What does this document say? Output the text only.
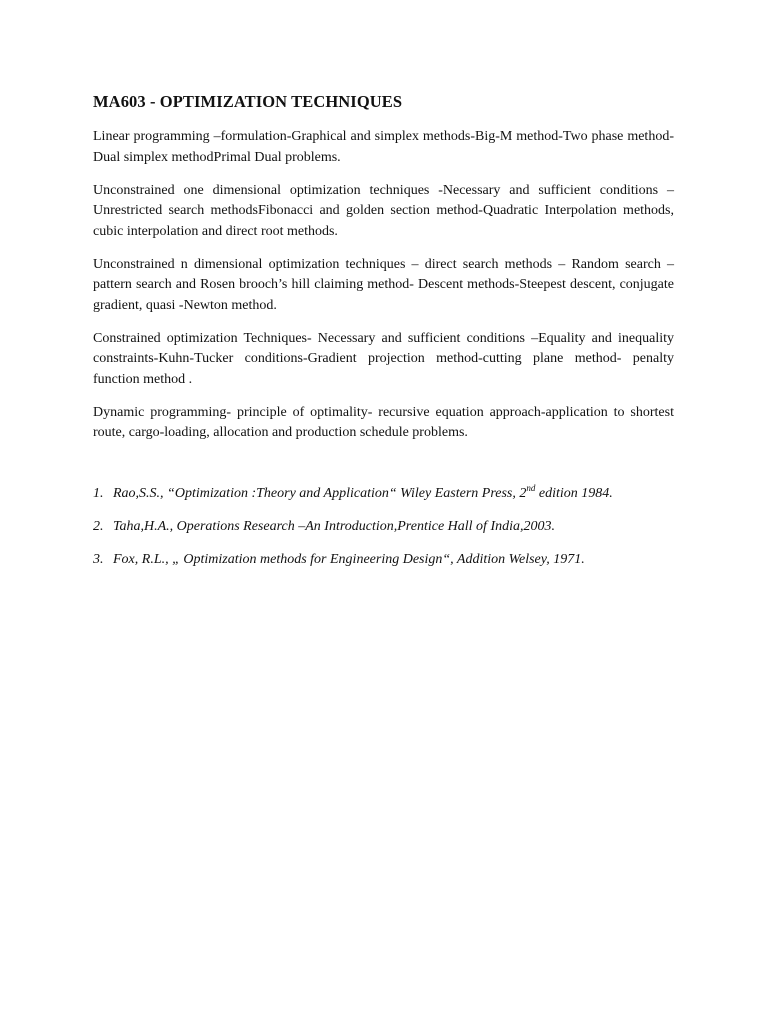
MA603 - OPTIMIZATION TECHNIQUES

Linear programming –formulation-Graphical and simplex methods-Big-M method-Two phase method-Dual simplex methodPrimal Dual problems.

Unconstrained one dimensional optimization techniques -Necessary and sufficient conditions –Unrestricted search methodsFibonacci and golden section method-Quadratic Interpolation methods, cubic interpolation and direct root methods.

Unconstrained n dimensional optimization techniques – direct search methods – Random search –pattern search and Rosen brooch’s hill claiming method- Descent methods-Steepest descent, conjugate gradient, quasi -Newton method.

Constrained optimization Techniques- Necessary and sufficient conditions –Equality and inequality constraints-Kuhn-Tucker conditions-Gradient projection method-cutting plane method- penalty function method .

Dynamic programming- principle of optimality- recursive equation approach-application to shortest route, cargo-loading, allocation and production schedule problems.

1. Rao,S.S., “Optimization :Theory and Application“ Wiley Eastern Press, 2nd edition 1984.
2. Taha,H.A., Operations Research –An Introduction,Prentice Hall of India,2003.
3. Fox, R.L., „ Optimization methods for Engineering Design“, Addition Welsey, 1971.
